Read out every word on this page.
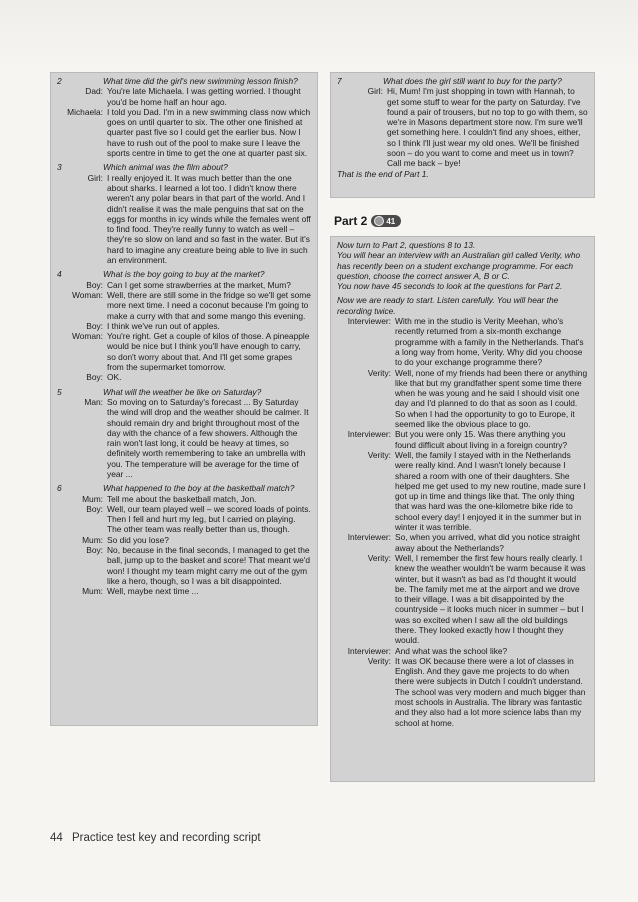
2	What time did the girl's new swimming lesson finish?
Dad: You're late Michaela. I was getting worried. I thought you'd be home half an hour ago.
Michaela: I told you Dad. I'm in a new swimming class now which goes on until quarter to six. The other one finished at quarter past five so I could get the earlier bus. Now I have to rush out of the pool to make sure I leave the sports centre in time to get the one at quarter past six.
3	Which animal was the film about?
Girl: I really enjoyed it. It was much better than the one about sharks. I learned a lot too. I didn't know there weren't any polar bears in that part of the world. And I didn't realise it was the male penguins that sat on the eggs for months in icy winds while the females went off to find food. They're really funny to watch as well – they're so slow on land and so fast in the water. But it's hard to imagine any creature being able to live in such an environment.
4	What is the boy going to buy at the market?
Boy: Can I get some strawberries at the market, Mum?
Woman: Well, there are still some in the fridge so we'll get some more next time. I need a coconut because I'm going to make a curry with that and some mango this evening.
Boy: I think we've run out of apples.
Woman: You're right. Get a couple of kilos of those. A pineapple would be nice but I think you'll have enough to carry, so don't worry about that. And I'll get some grapes from the supermarket tomorrow.
Boy: OK.
5	What will the weather be like on Saturday?
Man: So moving on to Saturday's forecast ... By Saturday the wind will drop and the weather should be calmer. It should remain dry and bright throughout most of the day with the chance of a few showers. Although the rain won't last long, it could be heavy at times, so definitely worth remembering to take an umbrella with you. The temperature will be average for the time of year ...
6	What happened to the boy at the basketball match?
Mum: Tell me about the basketball match, Jon.
Boy: Well, our team played well – we scored loads of points. Then I fell and hurt my leg, but I carried on playing. The other team was really better than us, though.
Mum: So did you lose?
Boy: No, because in the final seconds, I managed to get the ball, jump up to the basket and score! That meant we'd won! I thought my team might carry me out of the gym like a hero, though, so I was a bit disappointed.
Mum: Well, maybe next time ...
7	What does the girl still want to buy for the party?
Girl: Hi, Mum! I'm just shopping in town with Hannah, to get some stuff to wear for the party on Saturday. I've found a pair of trousers, but no top to go with them, so we're in Masons department store now. I'm sure we'll get something here. I couldn't find any shoes, either, so I think I'll just wear my old ones. We'll be finished soon – do you want to come and meet us in town? Call me back – bye!
That is the end of Part 1.
Part 2 41
Now turn to Part 2, questions 8 to 13.
You will hear an interview with an Australian girl called Verity, who has recently been on a student exchange programme. For each question, choose the correct answer A, B or C.
You now have 45 seconds to look at the questions for Part 2.
Now we are ready to start. Listen carefully. You will hear the recording twice.
Interviewer: With me in the studio is Verity Meehan, who's recently returned from a six-month exchange programme with a family in the Netherlands. That's a long way from home, Verity. Why did you choose to do your exchange programme there?
Verity: Well, none of my friends had been there or anything like that but my grandfather spent some time there when he was young and he said I should visit one day and I'd planned to do that as soon as I could. So when I had the opportunity to go to Europe, it seemed like the obvious place to go.
Interviewer: But you were only 15. Was there anything you found difficult about living in a foreign country?
Verity: Well, the family I stayed with in the Netherlands were really kind. And I wasn't lonely because I shared a room with one of their daughters. She helped me get used to my new routine, made sure I got up in time and things like that. The only thing that was hard was the one-kilometre bike ride to school every day! I enjoyed it in the summer but in winter it was terrible.
Interviewer: So, when you arrived, what did you notice straight away about the Netherlands?
Verity: Well, I remember the first few hours really clearly. I knew the weather wouldn't be warm because it was winter, but it wasn't as bad as I'd thought it would be. The family met me at the airport and we drove to their village. I was a bit disappointed by the countryside – it looks much nicer in summer – but I was so excited when I saw all the old buildings there. They looked exactly how I thought they would.
Interviewer: And what was the school like?
Verity: It was OK because there were a lot of classes in English. And they gave me projects to do when there were subjects in Dutch I couldn't understand. The school was very modern and much bigger than most schools in Australia. The library was fantastic and they also had a lot more science labs than my school at home.
44 Practice test key and recording script
